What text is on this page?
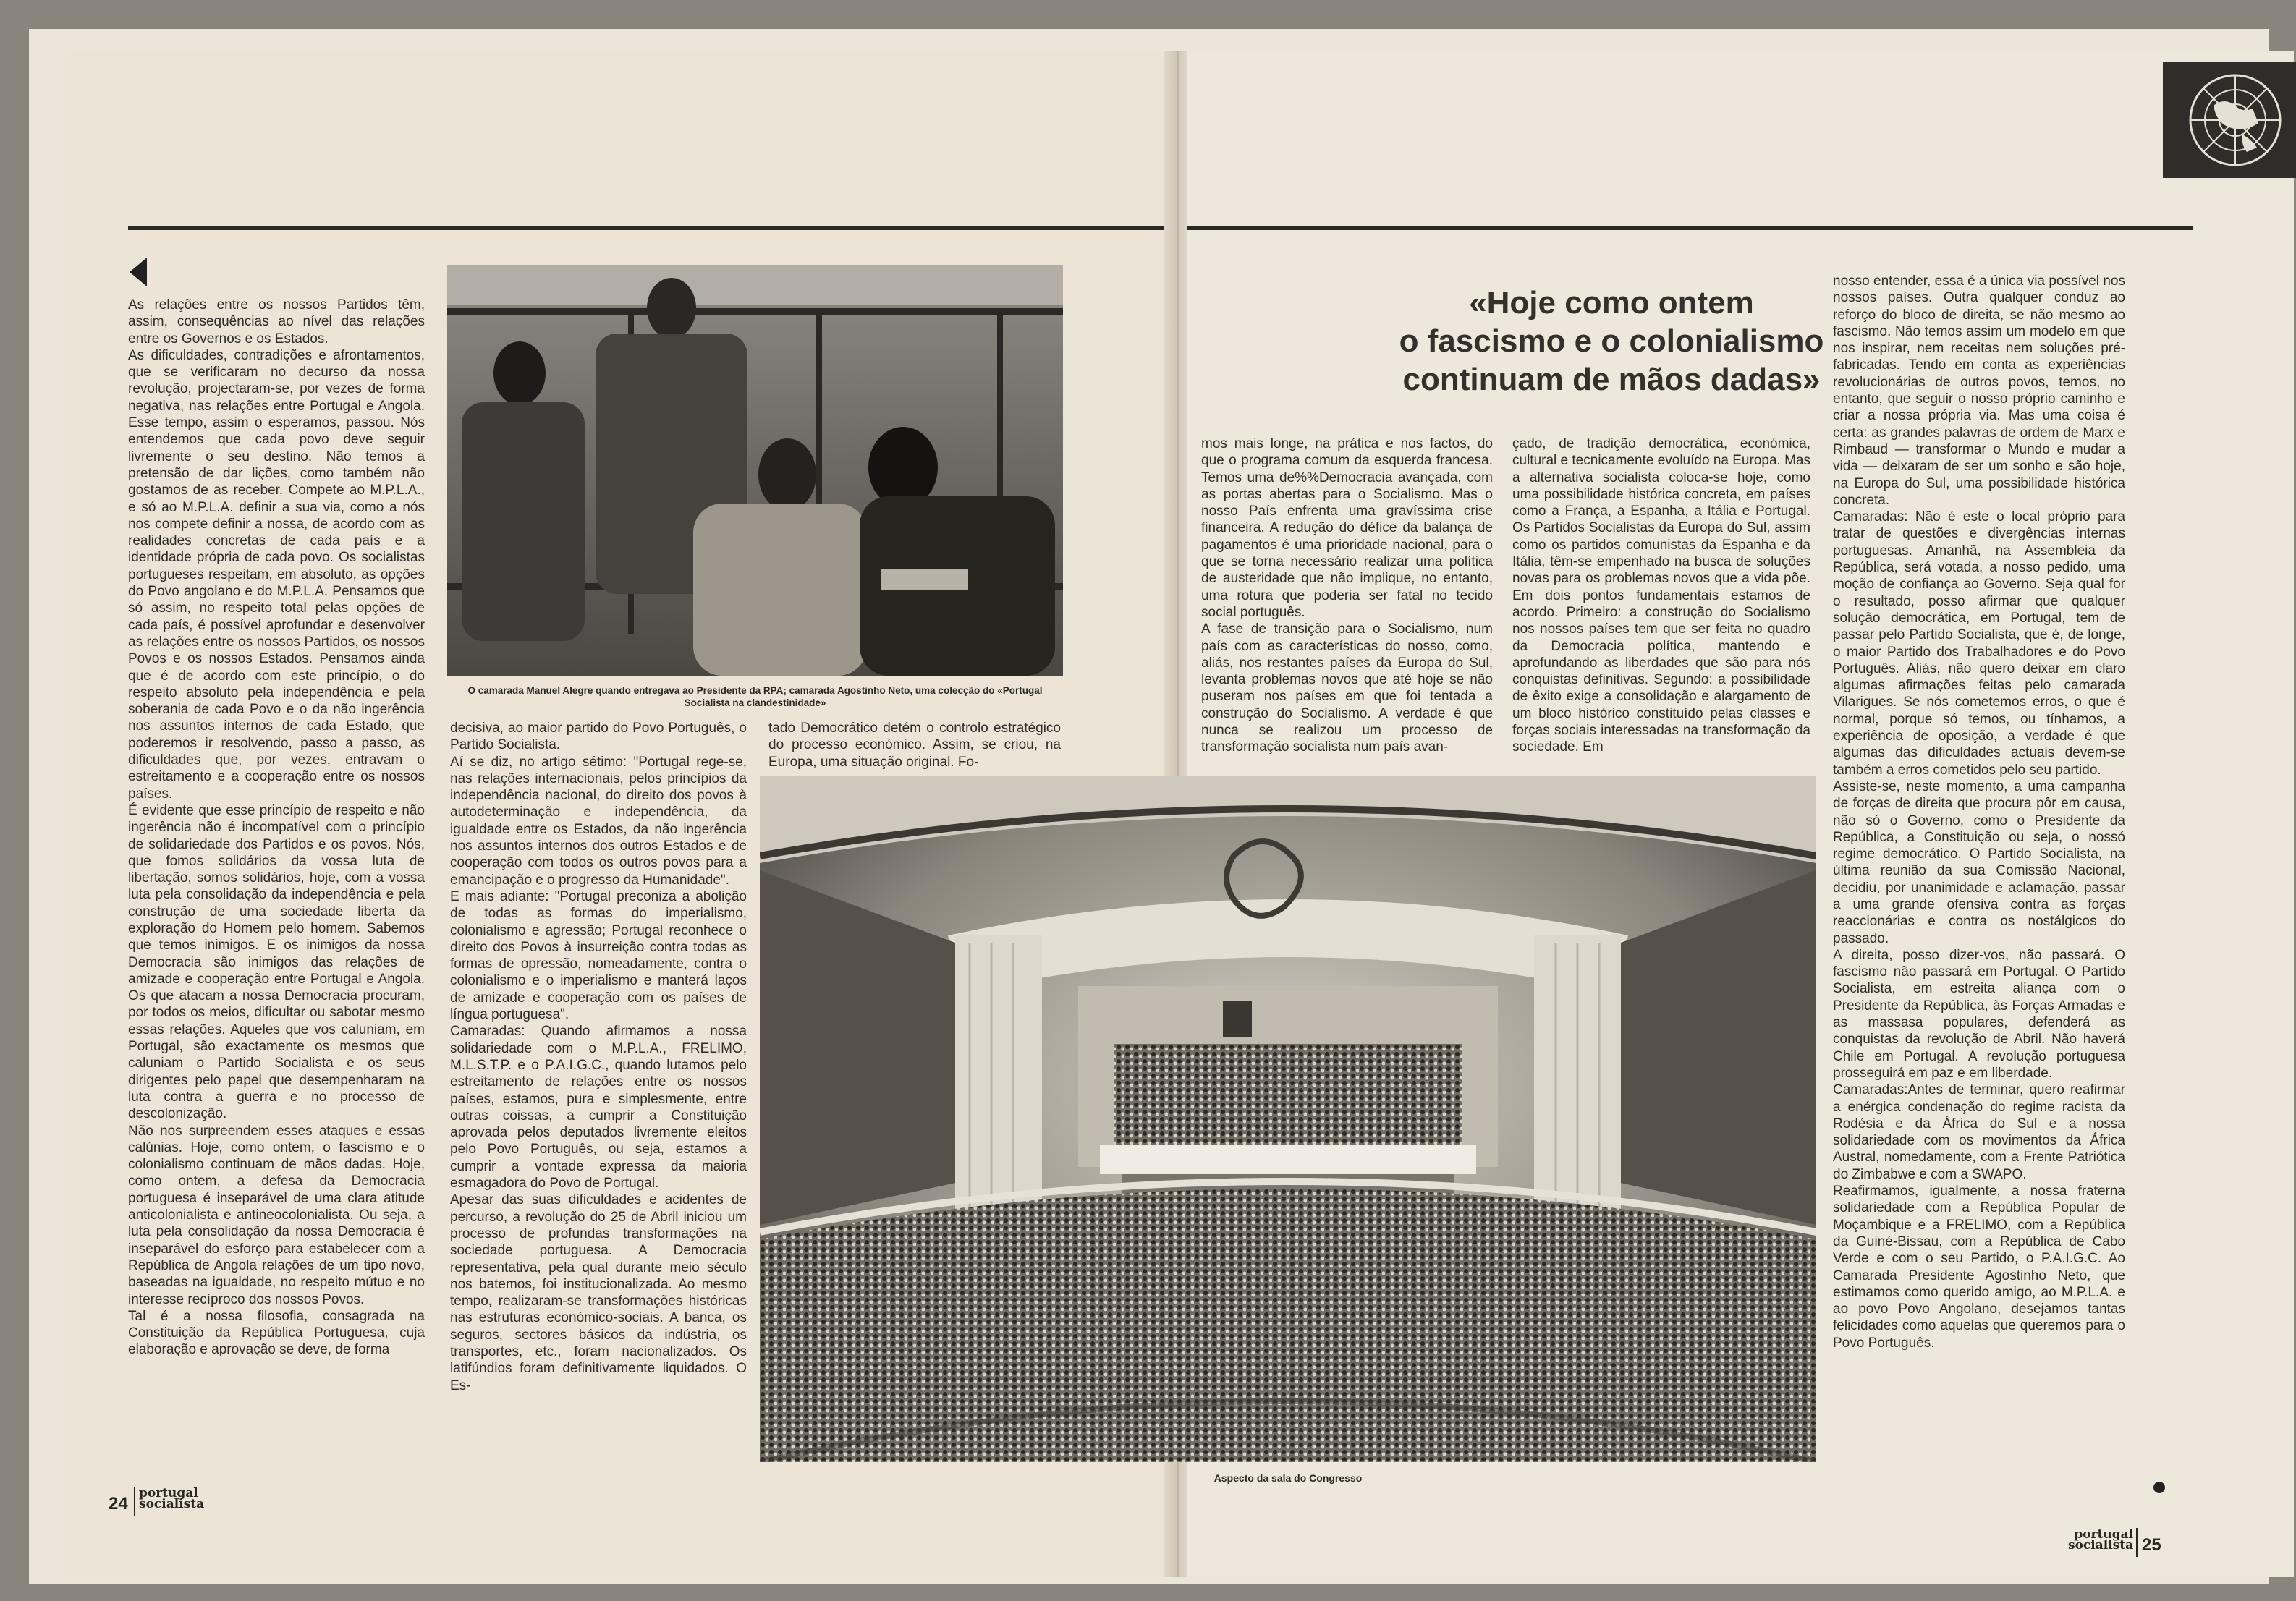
As relações entre os nossos Partidos têm, assim, consequências ao nível das relações entre os Governos e os Estados.
As dificuldades, contradições e afrontamentos, que se verificaram no decurso da nossa revolução, projectaram-se, por vezes de forma negativa, nas relações entre Portugal e Angola. Esse tempo, assim o esperamos, passou. Nós entendemos que cada povo deve seguir livremente o seu destino. Não temos a pretensão de dar lições, como também não gostamos de as receber. Compete ao M.P.L.A., e só ao M.P.L.A. definir a sua via, como a nós nos compete definir a nossa, de acordo com as realidades concretas de cada país e a identidade própria de cada povo. Os socialistas portugueses respeitam, em absoluto, as opções do Povo angolano e do M.P.L.A. Pensamos que só assim, no respeito total pelas opções de cada país, é possível aprofundar e desenvolver as relações entre os nossos Partidos, os nossos Povos e os nossos Estados. Pensamos ainda que é de acordo com este princípio, o do respeito absoluto pela independência e pela soberania de cada Povo e o da não ingerência nos assuntos internos de cada Estado, que poderemos ir resolvendo, passo a passo, as dificuldades que, por vezes, entravam o estreitamento e a cooperação entre os nossos países.
É evidente que esse princípio de respeito e não ingerência não é incompatível com o princípio de solidariedade dos Partidos e os povos. Nós, que fomos solidários da vossa luta de libertação, somos solidários, hoje, com a vossa luta pela consolidação da independência e pela construção de uma sociedade liberta da exploração do Homem pelo homem. Sabemos que temos inimigos. E os inimigos da nossa Democracia são inimigos das relações de amizade e cooperação entre Portugal e Angola. Os que atacam a nossa Democracia procuram, por todos os meios, dificultar ou sabotar mesmo essas relações. Aqueles que vos caluniam, em Portugal, são exactamente os mesmos que caluniam o Partido Socialista e os seus dirigentes pelo papel que desempenharam na luta contra a guerra e no processo de descolonização.
Não nos surpreendem esses ataques e essas calúnias. Hoje, como ontem, o fascismo e o colonialismo continuam de mãos dadas. Hoje, como ontem, a defesa da Democracia portuguesa é inseparável de uma clara atitude anticolonialista e antineocolonialista. Ou seja, a luta pela consolidação da nossa Democracia é inseparável do esforço para estabelecer com a República de Angola relações de um tipo novo, baseadas na igualdade, no respeito mútuo e no interesse recíproco dos nossos Povos.
Tal é a nossa filosofia, consagrada na Constituição da República Portuguesa, cuja elaboração e aprovação se deve, de forma
O camarada Manuel Alegre quando entregava ao Presidente da RPA; camarada Agostinho Neto, uma colecção do «Portugal Socialista na clandestinidade»
decisiva, ao maior partido do Povo Português, o Partido Socialista.
Aí se diz, no artigo sétimo: "Portugal rege-se, nas relações internacionais, pelos princípios da independência nacional, do direito dos povos à autodeterminação e independência, da igualdade entre os Estados, da não ingerência nos assuntos internos dos outros Estados e de cooperação com todos os outros povos para a emancipação e o progresso da Humanidade".
E mais adiante: "Portugal preconiza a abolição de todas as formas do imperialismo, colonialismo e agressão; Portugal reconhece o direito dos Povos à insurreição contra todas as formas de opressão, nomeadamente, contra o colonialismo e o imperialismo e manterá laços de amizade e cooperação com os países de língua portuguesa".
Camaradas: Quando afirmamos a nossa solidariedade com o M.P.L.A., FRELIMO, M.L.S.T.P. e o P.A.I.G.C., quando lutamos pelo estreitamento de relações entre os nossos países, estamos, pura e simplesmente, entre outras coissas, a cumprir a Constituição aprovada pelos deputados livremente eleitos pelo Povo Português, ou seja, estamos a cumprir a vontade expressa da maioria esmagadora do Povo de Portugal.
Apesar das suas dificuldades e acidentes de percurso, a revolução do 25 de Abril iniciou um processo de profundas transformações na sociedade portuguesa. A Democracia representativa, pela qual durante meio século nos batemos, foi institucionalizada. Ao mesmo tempo, realizaram-se transformações históricas nas estruturas económico-sociais. A banca, os seguros, sectores básicos da indústria, os transportes, etc., foram nacionalizados. Os latifúndios foram definitivamente liquidados. O Es-
tado Democrático detém o controlo estratégico do processo económico. Assim, se criou, na Europa, uma situação original. Fo-
24
portugal
socialista
«Hoje como ontem
o fascismo e o colonialismo
continuam de mãos dadas»
mos mais longe, na prática e nos factos, do que o programa comum da esquerda francesa. Temos uma de%%Democracia avançada, com as portas abertas para o Socialismo. Mas o nosso País enfrenta uma gravíssima crise financeira. A redução do défice da balança de pagamentos é uma prioridade nacional, para o que se torna necessário realizar uma política de austeridade que não implique, no entanto, uma rotura que poderia ser fatal no tecido social português.
A fase de transição para o Socialismo, num país com as características do nosso, como, aliás, nos restantes países da Europa do Sul, levanta problemas novos que até hoje se não puseram nos países em que foi tentada a construção do Socialismo. A verdade é que nunca se realizou um processo de transformação socialista num país avan-
çado, de tradição democrática, económica, cultural e tecnicamente evoluído na Europa. Mas a alternativa socialista coloca-se hoje, como uma possibilidade histórica concreta, em países como a França, a Espanha, a Itália e Portugal. Os Partidos Socialistas da Europa do Sul, assim como os partidos comunistas da Espanha e da Itália, têm-se empenhado na busca de soluções novas para os problemas novos que a vida põe. Em dois pontos fundamentais estamos de acordo. Primeiro: a construção do Socialismo nos nossos países tem que ser feita no quadro da Democracia política, mantendo e aprofundando as liberdades que são para nós conquistas definitivas. Segundo: a possibilidade de êxito exige a consolidação e alargamento de um bloco histórico constituído pelas classes e forças sociais interessadas na transformação da sociedade. Em
nosso entender, essa é a única via possível nos nossos países. Outra qualquer conduz ao reforço do bloco de direita, se não mesmo ao fascismo. Não temos assim um modelo em que nos inspirar, nem receitas nem soluções pré-fabricadas. Tendo em conta as experiências revolucionárias de outros povos, temos, no entanto, que seguir o nosso próprio caminho e criar a nossa própria via. Mas uma coisa é certa: as grandes palavras de ordem de Marx e Rimbaud — transformar o Mundo e mudar a vida — deixaram de ser um sonho e são hoje, na Europa do Sul, uma possibilidade histórica concreta.
Camaradas: Não é este o local próprio para tratar de questões e divergências internas portuguesas. Amanhã, na Assembleia da República, será votada, a nosso pedido, uma moção de confiança ao Governo. Seja qual for o resultado, posso afirmar que qualquer solução democrática, em Portugal, tem de passar pelo Partido Socialista, que é, de longe, o maior Partido dos Trabalhadores e do Povo Português. Aliás, não quero deixar em claro algumas afirmações feitas pelo camarada Vilarigues. Se nós cometemos erros, o que é normal, porque só temos, ou tínhamos, a experiência de oposição, a verdade é que algumas das dificuldades actuais devem-se também a erros cometidos pelo seu partido.
Assiste-se, neste momento, a uma campanha de forças de direita que procura pôr em causa, não só o Governo, como o Presidente da República, a Constituição ou seja, o nossó regime democrático. O Partido Socialista, na última reunião da sua Comissão Nacional, decidiu, por unanimidade e aclamação, passar a uma grande ofensiva contra as forças reaccionárias e contra os nostálgicos do passado.
A direita, posso dizer-vos, não passará. O fascismo não passará em Portugal. O Partido Socialista, em estreita aliança com o Presidente da República, às Forças Armadas e as massasa populares, defenderá as conquistas da revolução de Abril. Não haverá Chile em Portugal. A revolução portuguesa prosseguirá em paz e em liberdade.
Camaradas:Antes de terminar, quero reafirmar a enérgica condenação do regime racista da Rodésia e da África do Sul e a nossa solidariedade com os movimentos da África Austral, nomedamente, com a Frente Patriótica do Zimbabwe e com a SWAPO.
Reafirmamos, igualmente, a nossa fraterna solidariedade com a República Popular de Moçambique e a FRELIMO, com a República da Guiné-Bissau, com a República de Cabo Verde e com o seu Partido, o P.A.I.G.C. Ao Camarada Presidente Agostinho Neto, que estimamos como querido amigo, ao M.P.L.A. e ao povo Povo Angolano, desejamos tantas felicidades como aquelas que queremos para o Povo Português.
25
portugal
socialista
Aspecto da sala do Congresso
